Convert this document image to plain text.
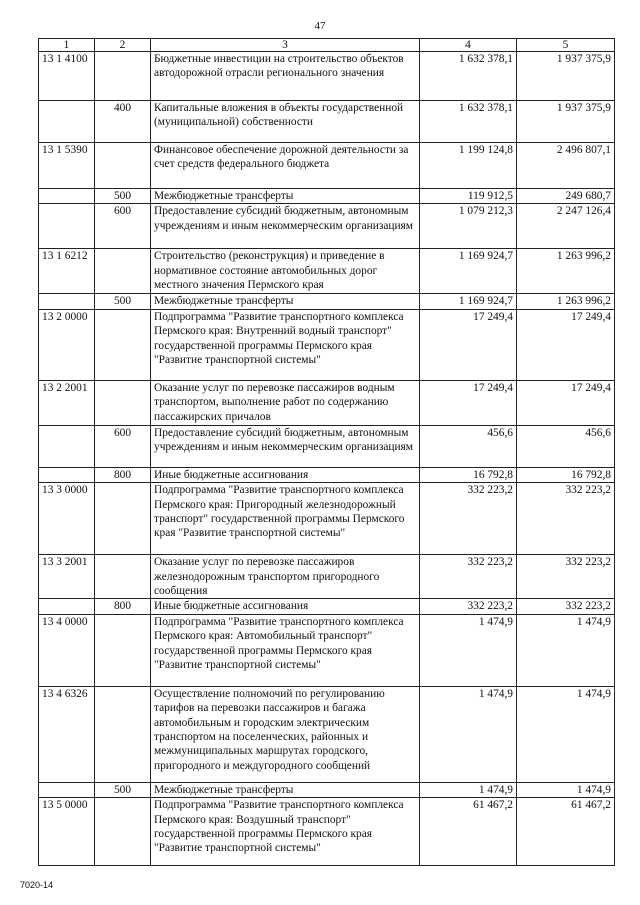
47
1	2	3	4	5
13 1 4100		Бюджетные инвестиции на строительство объектов автодорожной отрасли регионального значения	1 632 378,1	1 937 375,9
	400	Капитальные вложения в объекты государственной (муниципальной) собственности	1 632 378,1	1 937 375,9
13 1 5390		Финансовое обеспечение дорожной деятельности за счет средств федерального бюджета	1 199 124,8	2 496 807,1
	500	Межбюджетные трансферты	119 912,5	249 680,7
	600	Предоставление субсидий бюджетным, автономным учреждениям и иным некоммерческим организациям	1 079 212,3	2 247 126,4
13 1 6212		Строительство (реконструкция) и приведение в нормативное состояние автомобильных дорог местного значения Пермского края	1 169 924,7	1 263 996,2
	500	Межбюджетные трансферты	1 169 924,7	1 263 996,2
13 2 0000		Подпрограмма "Развитие транспортного комплекса Пермского края: Внутренний водный транспорт" государственной программы Пермского края "Развитие транспортной системы"	17 249,4	17 249,4
13 2 2001		Оказание услуг по перевозке пассажиров водным транспортом, выполнение работ по содержанию пассажирских причалов	17 249,4	17 249,4
	600	Предоставление субсидий бюджетным, автономным учреждениям и иным некоммерческим организациям	456,6	456,6
	800	Иные бюджетные ассигнования	16 792,8	16 792,8
13 3 0000		Подпрограмма "Развитие транспортного комплекса Пермского края: Пригородный железнодорожный транспорт" государственной программы Пермского края "Развитие транспортной системы"	332 223,2	332 223,2
13 3 2001		Оказание услуг по перевозке пассажиров железнодорожным транспортом пригородного сообщения	332 223,2	332 223,2
	800	Иные бюджетные ассигнования	332 223,2	332 223,2
13 4 0000		Подпрограмма "Развитие транспортного комплекса Пермского края: Автомобильный транспорт" государственной программы Пермского края "Развитие транспортной системы"	1 474,9	1 474,9
13 4 6326		Осуществление полномочий по регулированию тарифов на перевозки пассажиров и багажа автомобильным и городским электрическим транспортом на поселенческих, районных и межмуниципальных маршрутах городского, пригородного и междугородного сообщений	1 474,9	1 474,9
	500	Межбюджетные трансферты	1 474,9	1 474,9
13 5 0000		Подпрограмма "Развитие транспортного комплекса Пермского края: Воздушный транспорт" государственной программы Пермского края "Развитие транспортной системы"	61 467,2	61 467,2
7020-14
